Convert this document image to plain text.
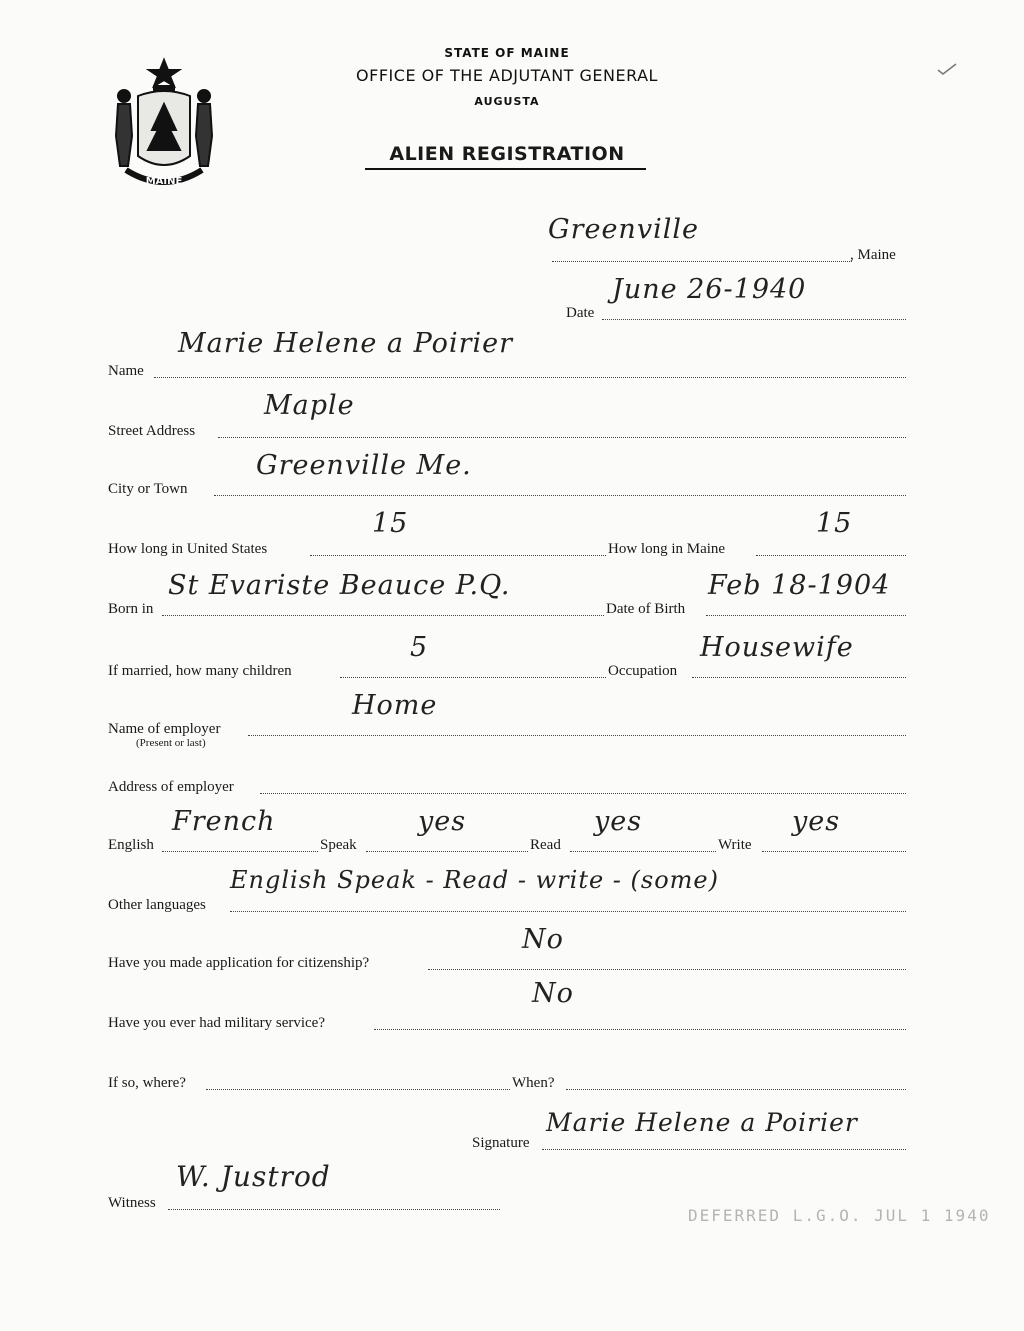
MAINE
STATE OF MAINE
OFFICE OF THE ADJUTANT GENERAL
AUGUSTA
ALIEN REGISTRATION
, Maine
Greenville
Date
June 26-1940
Name
Marie Helene a Poirier
Street Address
Maple
City or Town
Greenville Me.
How long in United States	How long in Maine
15	15
Born in	Date of Birth
St Evariste Beauce P.Q.	Feb 18-1904
If married, how many children	Occupation
5	Housewife
Name of employer
(Present or last)
Home
Address of employer
English	Speak	Read	Write
French	yes	yes	yes
Other languages
English Speak - Read - write - (some)
Have you made application for citizenship?
No
Have you ever had military service?
No
If so, where?	When?
Signature
Marie Helene a Poirier
Witness
W. Justrod
DEFERRED L.G.O. JUL 1 1940
